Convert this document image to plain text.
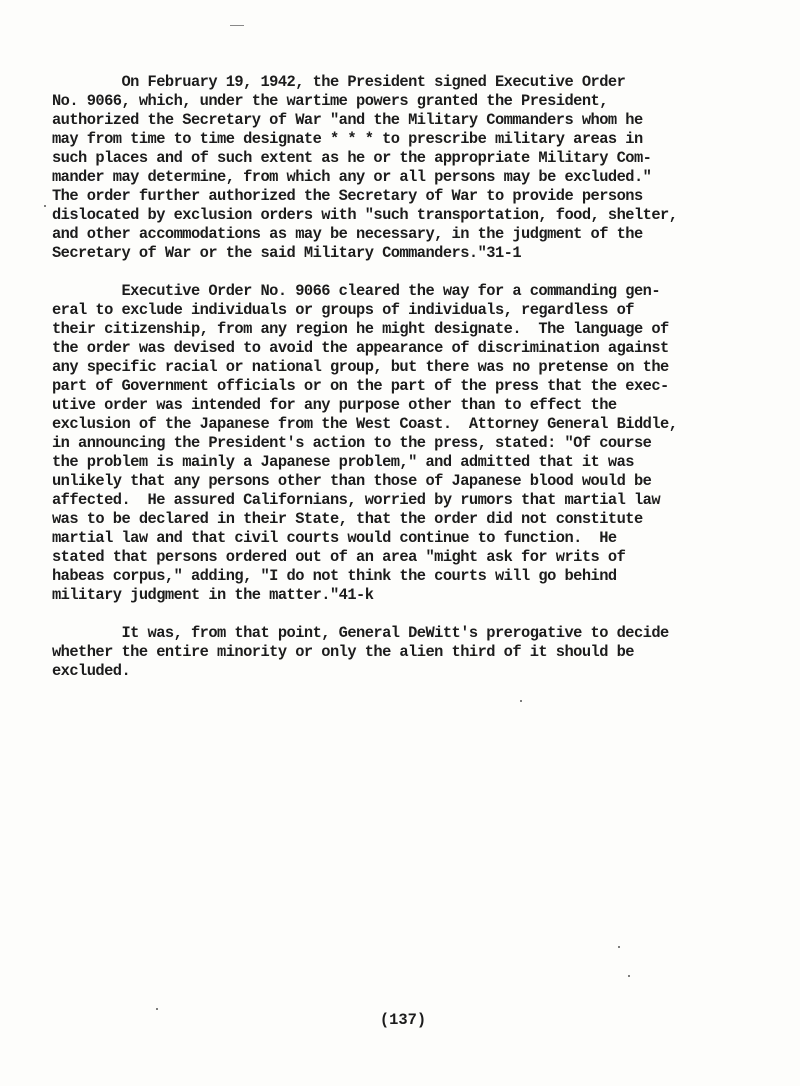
On February 19, 1942, the President signed Executive Order
No. 9066, which, under the wartime powers granted the President,
authorized the Secretary of War "and the Military Commanders whom he
may from time to time designate * * * to prescribe military areas in
such places and of such extent as he or the appropriate Military Com-
mander may determine, from which any or all persons may be excluded."
The order further authorized the Secretary of War to provide persons
dislocated by exclusion orders with "such transportation, food, shelter,
and other accommodations as may be necessary, in the judgment of the
Secretary of War or the said Military Commanders."31-1
Executive Order No. 9066 cleared the way for a commanding gen-
eral to exclude individuals or groups of individuals, regardless of
their citizenship, from any region he might designate.  The language of
the order was devised to avoid the appearance of discrimination against
any specific racial or national group, but there was no pretense on the
part of Government officials or on the part of the press that the exec-
utive order was intended for any purpose other than to effect the
exclusion of the Japanese from the West Coast.  Attorney General Biddle,
in announcing the President's action to the press, stated: "Of course
the problem is mainly a Japanese problem," and admitted that it was
unlikely that any persons other than those of Japanese blood would be
affected.  He assured Californians, worried by rumors that martial law
was to be declared in their State, that the order did not constitute
martial law and that civil courts would continue to function.  He
stated that persons ordered out of an area "might ask for writs of
habeas corpus," adding, "I do not think the courts will go behind
military judgment in the matter."41-k
It was, from that point, General DeWitt's prerogative to decide
whether the entire minority or only the alien third of it should be
excluded.
(137)
